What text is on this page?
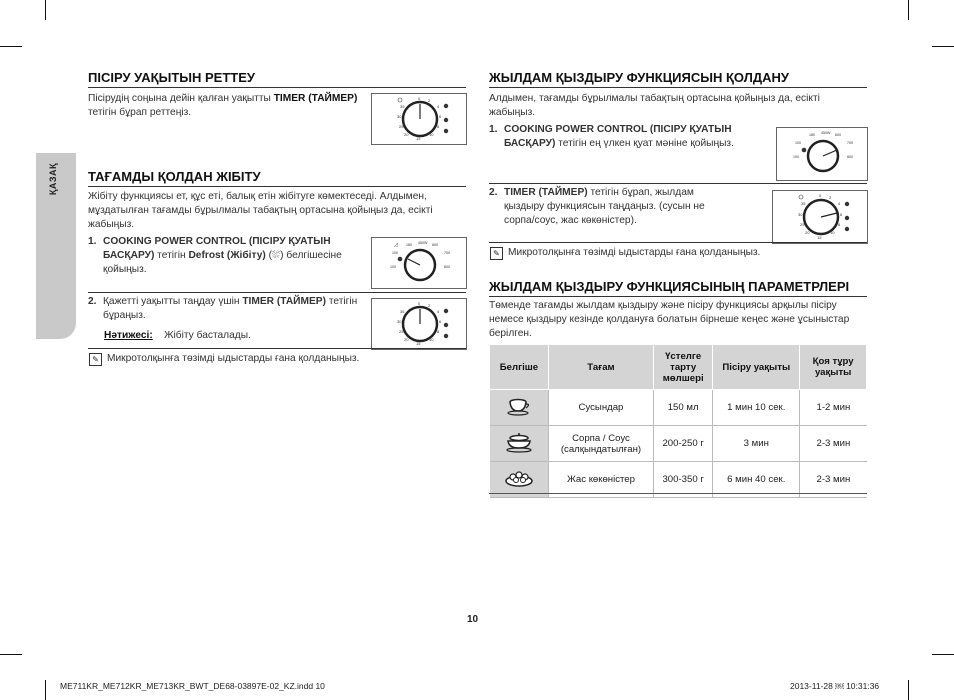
ҚАЗАҚ
ПІСІРУ УАҚЫТЫН РЕТТЕУ
Пісірудің соңына дейін қалған уақытты TIMER (ТАЙМЕР) тетігін бұрап реттеңіз.
0 2
4
6
8
10
15
20
25
30
35
ТАҒАМДЫ ҚОЛДАН ЖІБІТУ
Жібіту функциясы ет, құс еті, балық етін жібітуге көмектеседі. Алдымен, мұздатылған тағамды бұрылмалы табақтың ортасына қойыңыз да, есікті жабыңыз.
1. COOKING POWER CONTROL (ПІСІРУ ҚУАТЫН БАСҚАРУ) тетігін Defrost (Жібіту) (⛆) белгішесіне қойыңыз.
180 450W 600
100	700
100	800
◿
2. Қажетті уақытты таңдау үшін TIMER (ТАЙМЕР) тетігін бұраңыз.
0 2
4
6
8
10
15
20
25
30
35
Нәтижесі: Жібіту басталады.
✎ Микротолқынға төзімді ыдыстарды ғана қолданыңыз.
ЖЫЛДАМ ҚЫЗДЫРУ ФУНКЦИЯСЫН ҚОЛДАНУ
Алдымен, тағамды бұрылмалы табақтың ортасына қойыңыз да, есікті жабыңыз.
1. COOKING POWER CONTROL (ПІСІРУ ҚУАТЫН БАСҚАРУ) тетігін ең үлкен қуат мәніне қойыңыз.
180 450W 600
100	700
100	800
2. TIMER (ТАЙМЕР) тетігін бұрап, жылдам қыздыру функциясын таңдаңыз. (сусын не сорпа/соус, жас көкөністер).
0 2
4
6
8
10
15
20
25
30
35
✎ Микротолқынға төзімді ыдыстарды ғана қолданыңыз.
ЖЫЛДАМ ҚЫЗДЫРУ ФУНКЦИЯСЫНЫҢ ПАРАМЕТРЛЕРІ
Төменде тағамды жылдам қыздыру және пісіру функциясы арқылы пісіру немесе қыздыру кезінде қолдануға болатын бірнеше кеңес және ұсыныстар берілген.
Белгіше	Тағам	Үстелге тарту мөлшері	Пісіру уақыты	Қоя тұру уақыты
	Сусындар	150 мл	1 мин 10 сек.	1-2 мин
	Сорпа / Соус (салқындатылған)	200-250 г	3 мин	2-3 мин
	Жас көкөністер	300-350 г	6 мин 40 сек.	2-3 мин
10
ME711KR_ME712KR_ME713KR_BWT_DE68-03897E-02_KZ.indd 10	2013-11-28 ￼ 10:31:36
